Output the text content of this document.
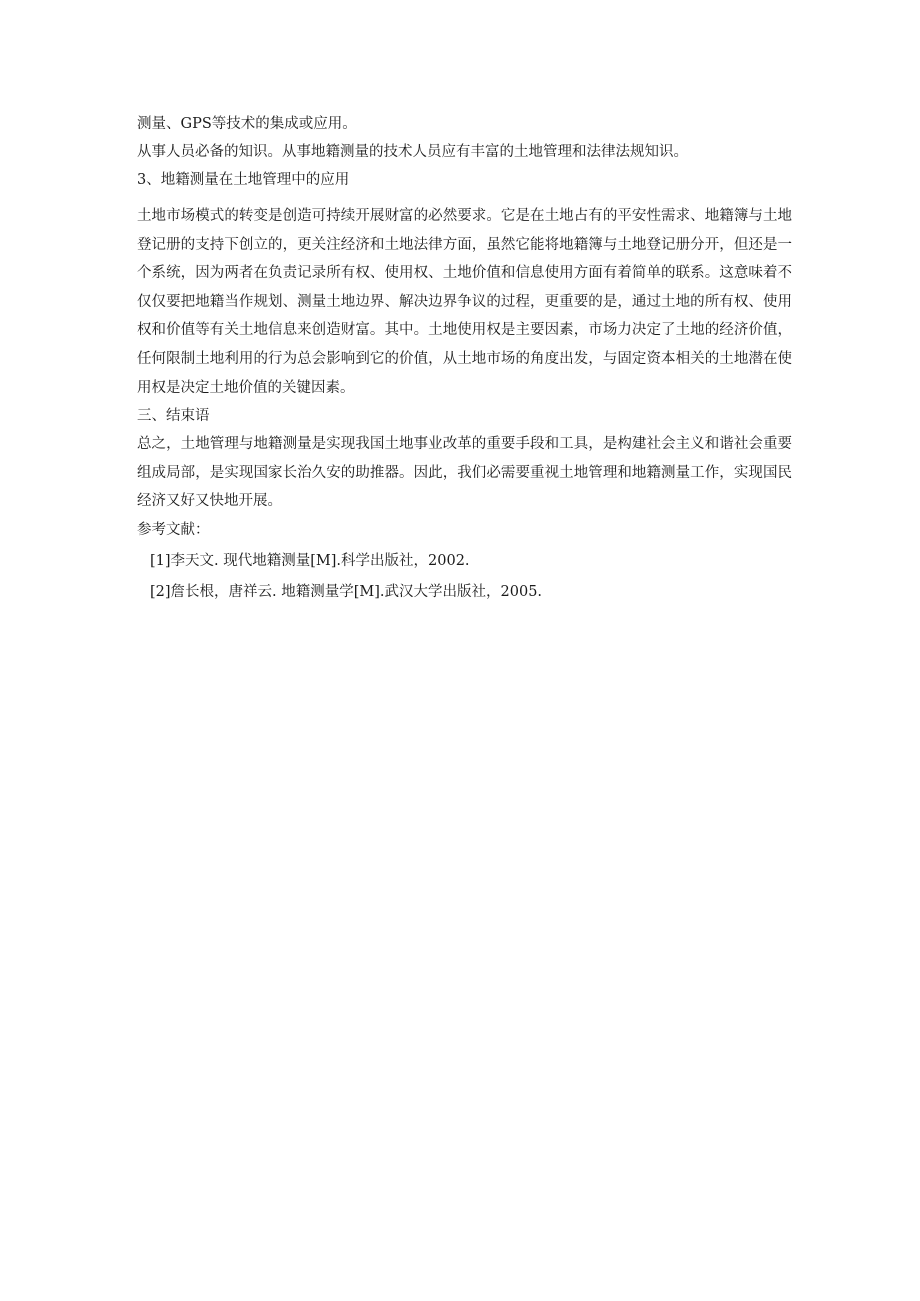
测量、GPS等技术的集成或应用。
从事人员必备的知识。从事地籍测量的技术人员应有丰富的土地管理和法律法规知识。
3、地籍测量在土地管理中的应用

土地市场模式的转变是创造可持续开展财富的必然要求。它是在土地占有的平安性需求、地籍簿与土地登记册的支持下创立的，更关注经济和土地法律方面，虽然它能将地籍簿与土地登记册分开，但还是一个系统，因为两者在负责记录所有权、使用权、土地价值和信息使用方面有着简单的联系。这意味着不仅仅要把地籍当作规划、测量土地边界、解决边界争议的过程，更重要的是，通过土地的所有权、使用权和价值等有关土地信息来创造财富。其中。土地使用权是主要因素，市场力决定了土地的经济价值，任何限制土地利用的行为总会影响到它的价值，从土地市场的角度出发，与固定资本相关的土地潜在使用权是决定土地价值的关键因素。

三、结束语

总之，土地管理与地籍测量是实现我国土地事业改革的重要手段和工具，是构建社会主义和谐社会重要组成局部，是实现国家长治久安的助推器。因此，我们必需要重视土地管理和地籍测量工作，实现国民经济又好又快地开展。

参考文献：
[1]李天文. 现代地籍测量[M].科学出版社，2002.
[2]詹长根，唐祥云. 地籍测量学[M].武汉大学出版社，2005.
